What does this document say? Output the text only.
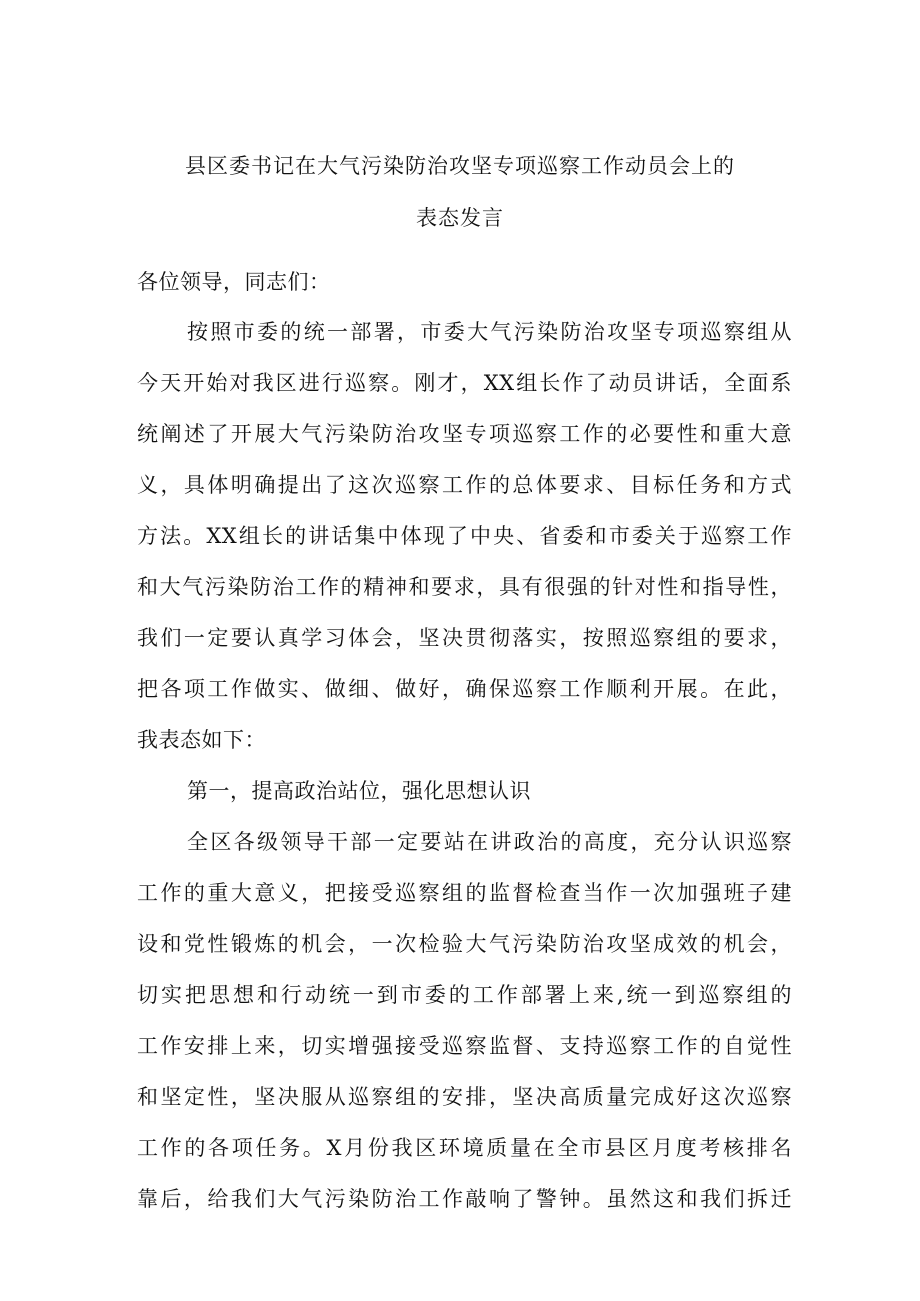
县区委书记在大气污染防治攻坚专项巡察工作动员会上的
表态发言
各位领导，同志们：
按照市委的统一部署，市委大气污染防治攻坚专项巡察组从
今天开始对我区进行巡察。刚才，XX组长作了动员讲话，全面系
统阐述了开展大气污染防治攻坚专项巡察工作的必要性和重大意
义，具体明确提出了这次巡察工作的总体要求、目标任务和方式
方法。XX组长的讲话集中体现了中央、省委和市委关于巡察工作
和大气污染防治工作的精神和要求，具有很强的针对性和指导性，
我们一定要认真学习体会，坚决贯彻落实，按照巡察组的要求，
把各项工作做实、做细、做好，确保巡察工作顺利开展。在此，
我表态如下：
第一，提高政治站位，强化思想认识
全区各级领导干部一定要站在讲政治的高度，充分认识巡察
工作的重大意义，把接受巡察组的监督检查当作一次加强班子建
设和党性锻炼的机会，一次检验大气污染防治攻坚成效的机会，
切实把思想和行动统一到市委的工作部署上来,统一到巡察组的
工作安排上来，切实增强接受巡察监督、支持巡察工作的自觉性
和坚定性，坚决服从巡察组的安排，坚决高质量完成好这次巡察
工作的各项任务。X月份我区环境质量在全市县区月度考核排名
靠后，给我们大气污染防治工作敲响了警钟。虽然这和我们拆迁
